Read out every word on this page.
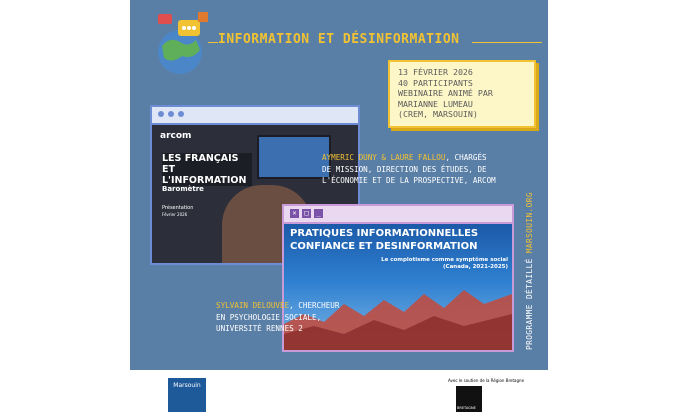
INFORMATION ET DÉSINFORMATION
13 FÉVRIER 2026
40 PARTICIPANTS
WEBINAIRE ANIMÉ PAR
MARIANNE LUMEAU
(CREM, MARSOUIN)
arcom
LES FRANÇAIS ET
L'INFORMATION
Baromètre
Présentation
Février 2026
AYMERIC DUNY & LAURE FALLOU, CHARGÉS
DE MISSION, DIRECTION DES ÉTUDES, DE
L'ÉCONOMIE ET DE LA PROSPECTIVE, ARCOM
✕	□	_
PRATIQUES INFORMATIONNELLES
CONFIANCE ET DESINFORMATION
Le complotisme comme symptôme social
(Canada, 2021-2025)
SYLVAIN DELOUVÉE, CHERCHEUR
EN PSYCHOLOGIE SOCIALE,
UNIVERSITÉ RENNES 2	PROGRAMME DÉTAILLÉ MARSOUIN.ORG
Marsouin
Avec le soutien de la Région Bretagne
BRETAGNE
